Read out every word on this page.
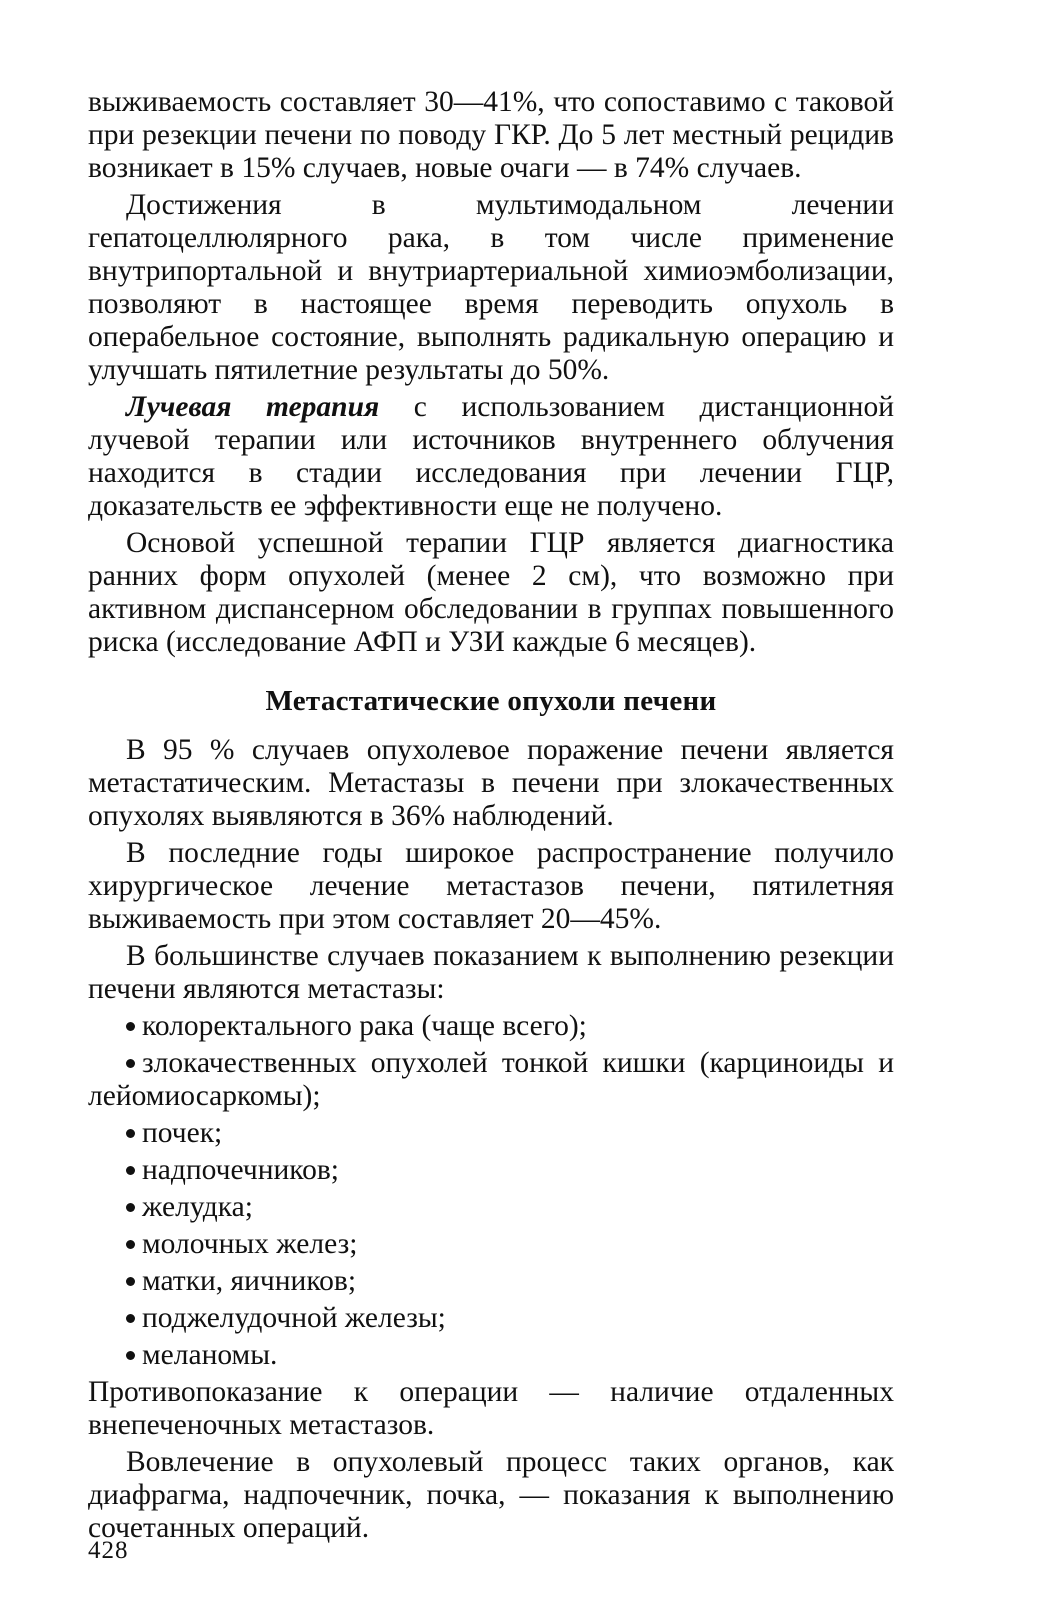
выживаемость составляет 30—41%, что сопоставимо с таковой при резекции печени по поводу ГКР. До 5 лет местный рецидив возникает в 15% случаев, новые очаги — в 74% случаев.

Достижения в мультимодальном лечении гепатоцеллюлярного рака, в том числе применение внутрипортальной и внутриартериальной химиоэмболизации, позволяют в настоящее время переводить опухоль в операбельное состояние, выполнять радикальную операцию и улучшать пятилетние результаты до 50%.

Лучевая терапия с использованием дистанционной лучевой терапии или источников внутреннего облучения находится в стадии исследования при лечении ГЦР, доказательств ее эффективности еще не получено.

Основой успешной терапии ГЦР является диагностика ранних форм опухолей (менее 2 см), что возможно при активном диспансерном обследовании в группах повышенного риска (исследование АФП и УЗИ каждые 6 месяцев).

Метастатические опухоли печени

В 95 % случаев опухолевое поражение печени является метастатическим. Метастазы в печени при злокачественных опухолях выявляются в 36% наблюдений.

В последние годы широкое распространение получило хирургическое лечение метастазов печени, пятилетняя выживаемость при этом составляет 20—45%.

В большинстве случаев показанием к выполнению резекции печени являются метастазы:

колоректального рака (чаще всего);
злокачественных опухолей тонкой кишки (карциноиды и лейомиосаркомы);
почек;
надпочечников;
желудка;
молочных желез;
матки, яичников;
поджелудочной железы;
меланомы.

Противопоказание к операции — наличие отдаленных внепеченочных метастазов.

Вовлечение в опухолевый процесс таких органов, как диафрагма, надпочечник, почка, — показания к выполнению сочетанных операций.

428
